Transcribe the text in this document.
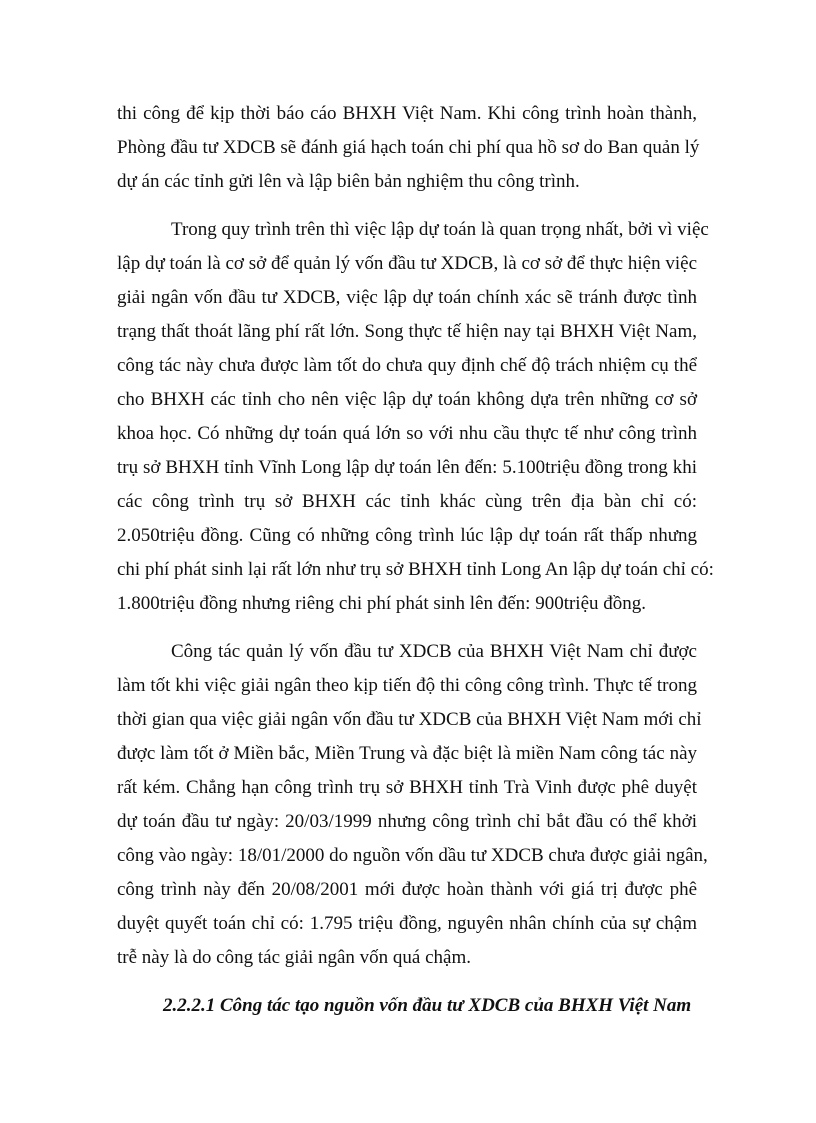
thi công để kịp thời báo cáo BHXH Việt Nam. Khi công trình hoàn thành,
Phòng đầu tư XDCB sẽ đánh giá hạch toán chi phí qua hồ sơ do Ban quản lý
dự án các tỉnh gửi lên và lập biên bản nghiệm thu công trình.

Trong quy trình trên thì việc lập dự toán là quan trọng nhất, bởi vì việc
lập dự toán là cơ sở để quản lý vốn đầu tư XDCB, là cơ sở để thực hiện việc
giải ngân vốn đầu tư XDCB, việc lập dự toán chính xác sẽ tránh được tình
trạng thất thoát lãng phí rất lớn. Song thực tế hiện nay tại BHXH Việt Nam,
công tác này chưa được làm tốt do chưa quy định chế độ trách nhiệm cụ thể
cho BHXH các tỉnh cho nên việc lập dự toán không dựa trên những cơ sở
khoa học. Có những dự toán quá lớn so với nhu cầu thực tế như công trình
trụ sở BHXH tỉnh Vĩnh Long lập dự toán lên đến: 5.100triệu đồng trong khi
các công trình trụ sở BHXH các tỉnh khác cùng trên địa bàn chỉ có:
2.050triệu đồng. Cũng có những công trình lúc lập dự toán rất thấp nhưng
chi phí phát sinh lại rất lớn như trụ sở BHXH tỉnh Long An lập dự toán chỉ có:
1.800triệu đồng nhưng riêng chi phí phát sinh lên đến: 900triệu đồng.

Công tác quản lý vốn đầu tư XDCB của BHXH Việt Nam chỉ được
làm tốt khi việc giải ngân theo kịp tiến độ thi công công trình. Thực tế trong
thời gian qua việc giải ngân vốn đầu tư XDCB của BHXH Việt Nam mới chỉ
được làm tốt ở Miền bắc, Miền Trung và đặc biệt là miền Nam công tác này
rất kém. Chẳng hạn công trình trụ sở BHXH tỉnh Trà Vinh được phê duyệt
dự toán đầu tư ngày: 20/03/1999 nhưng công trình chỉ bắt đầu có thể khởi
công vào ngày: 18/01/2000 do nguồn vốn dầu tư XDCB chưa được giải ngân,
công trình này đến 20/08/2001 mới được hoàn thành với giá trị được phê
duyệt quyết toán chỉ có: 1.795 triệu đồng, nguyên nhân chính của sự chậm
trễ này là do công tác giải ngân vốn quá chậm.

2.2.2.1 Công tác tạo nguồn vốn đầu tư XDCB của BHXH Việt Nam
